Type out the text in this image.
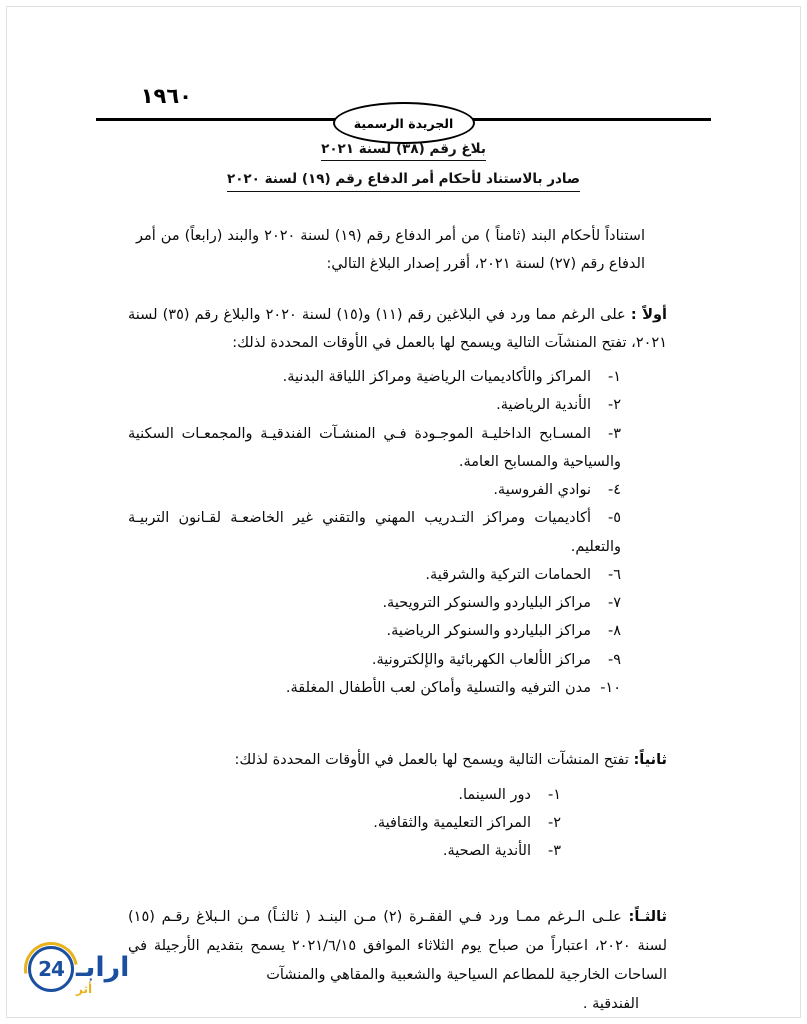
١٩٦٠
الجريدة الرسمية
بلاغ رقم (٣٨) لسنة ٢٠٢١
صادر بالاستناد لأحكام أمر الدفاع رقم (١٩) لسنة ٢٠٢٠
استناداً لأحكام البند (ثامناً ) من أمر الدفاع رقم (١٩) لسنة ٢٠٢٠ والبند (رابعاً) من أمر الدفاع رقم (٢٧) لسنة ٢٠٢١، أقرر إصدار البلاغ التالي:
أولاً : على الرغم مما ورد في البلاغين رقم (١١) و(١٥) لسنة ٢٠٢٠ والبلاغ رقم (٣٥) لسنة ٢٠٢١، تفتح المنشآت التالية ويسمح لها بالعمل في الأوقات المحددة لذلك:
١-المراكز والأكاديميات الرياضية ومراكز اللياقة البدنية.
٢-الأندية الرياضية.
٣-المسـابح الداخليـة الموجـودة فـي المنشـآت الفندقيـة والمجمعـات السكنية والسياحية والمسابح العامة.
٤-نوادي الفروسية.
٥-أكاديميات ومراكز التـدريب المهني والتقني غير الخاضعـة لقـانون التربيـة والتعليم.
٦-الحمامات التركية والشرقية.
٧-مراكز البلياردو والسنوكر الترويحية.
٨-مراكز البلياردو والسنوكر الرياضية.
٩-مراكز الألعاب الكهربائية والإلكترونية.
١٠-مدن الترفيه والتسلية وأماكن لعب الأطفال المغلقة.
ثانياً: تفتح المنشآت التالية ويسمح لها بالعمل في الأوقات المحددة لذلك:
١-دور السينما.
٢-المراكز التعليمية والثقافية.
٣-الأندية الصحية.
ثالثـاً: علـى الـرغم ممـا ورد فـي الفقـرة (٢) مـن البنـد ( ثالثـاً) مـن الـبلاغ رقـم (١٥) لسنة ٢٠٢٠، اعتباراً من صباح يوم الثلاثاء الموافق ٢٠٢١/٦/١٥ يسمح بتقديم الأرجيلة في الساحات الخارجية للمطاعم السياحية والشعبية والمقاهي والمنشآت
الفندقية .
24 ارابـ
أثر
